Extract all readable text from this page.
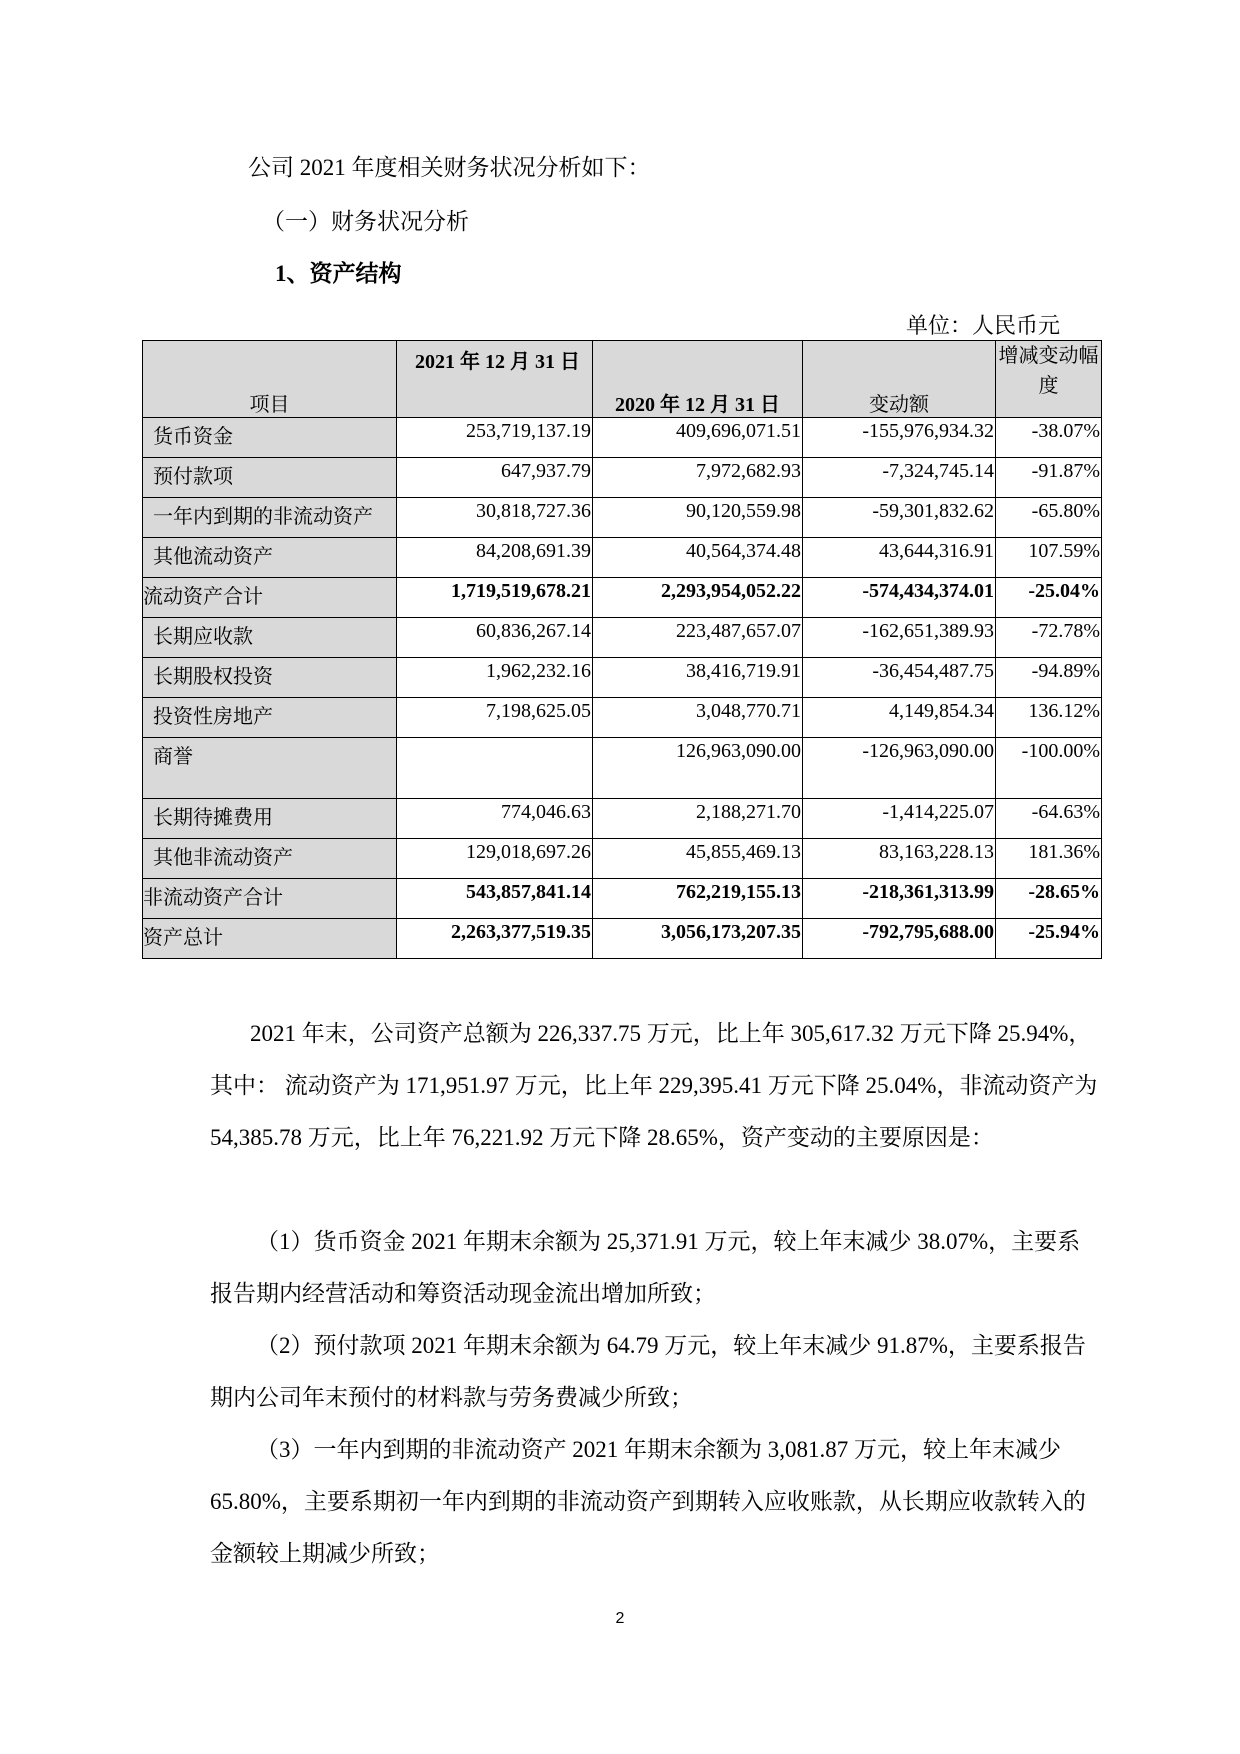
公司 2021 年度相关财务状况分析如下：

（一）财务状况分析

1、资产结构

单位：人民币元

项目	2021 年 12 月 31 日	2020 年 12 月 31 日	变动额	增减变动幅度
货币资金	253,719,137.19	409,696,071.51	-155,976,934.32	-38.07%
预付款项	647,937.79	7,972,682.93	-7,324,745.14	-91.87%
一年内到期的非流动资产	30,818,727.36	90,120,559.98	-59,301,832.62	-65.80%
其他流动资产	84,208,691.39	40,564,374.48	43,644,316.91	107.59%
流动资产合计	1,719,519,678.21	2,293,954,052.22	-574,434,374.01	-25.04%
长期应收款	60,836,267.14	223,487,657.07	-162,651,389.93	-72.78%
长期股权投资	1,962,232.16	38,416,719.91	-36,454,487.75	-94.89%
投资性房地产	7,198,625.05	3,048,770.71	4,149,854.34	136.12%
商誉		126,963,090.00	-126,963,090.00	-100.00%
长期待摊费用	774,046.63	2,188,271.70	-1,414,225.07	-64.63%
其他非流动资产	129,018,697.26	45,855,469.13	83,163,228.13	181.36%
非流动资产合计	543,857,841.14	762,219,155.13	-218,361,313.99	-28.65%
资产总计	2,263,377,519.35	3,056,173,207.35	-792,795,688.00	-25.94%

2021 年末，公司资产总额为 226,337.75 万元，比上年 305,617.32 万元下降 25.94%，其中： 流动资产为 171,951.97 万元，比上年 229,395.41 万元下降 25.04%，非流动资产为 54,385.78 万元，比上年 76,221.92 万元下降 28.65%，资产变动的主要原因是：

（1）货币资金 2021 年期末余额为 25,371.91 万元，较上年末减少 38.07%，主要系报告期内经营活动和筹资活动现金流出增加所致；

（2）预付款项 2021 年期末余额为 64.79 万元，较上年末减少 91.87%，主要系报告期内公司年末预付的材料款与劳务费减少所致；

（3）一年内到期的非流动资产 2021 年期末余额为 3,081.87 万元，较上年末减少 65.80%，主要系期初一年内到期的非流动资产到期转入应收账款，从长期应收款转入的金额较上期减少所致；

2
